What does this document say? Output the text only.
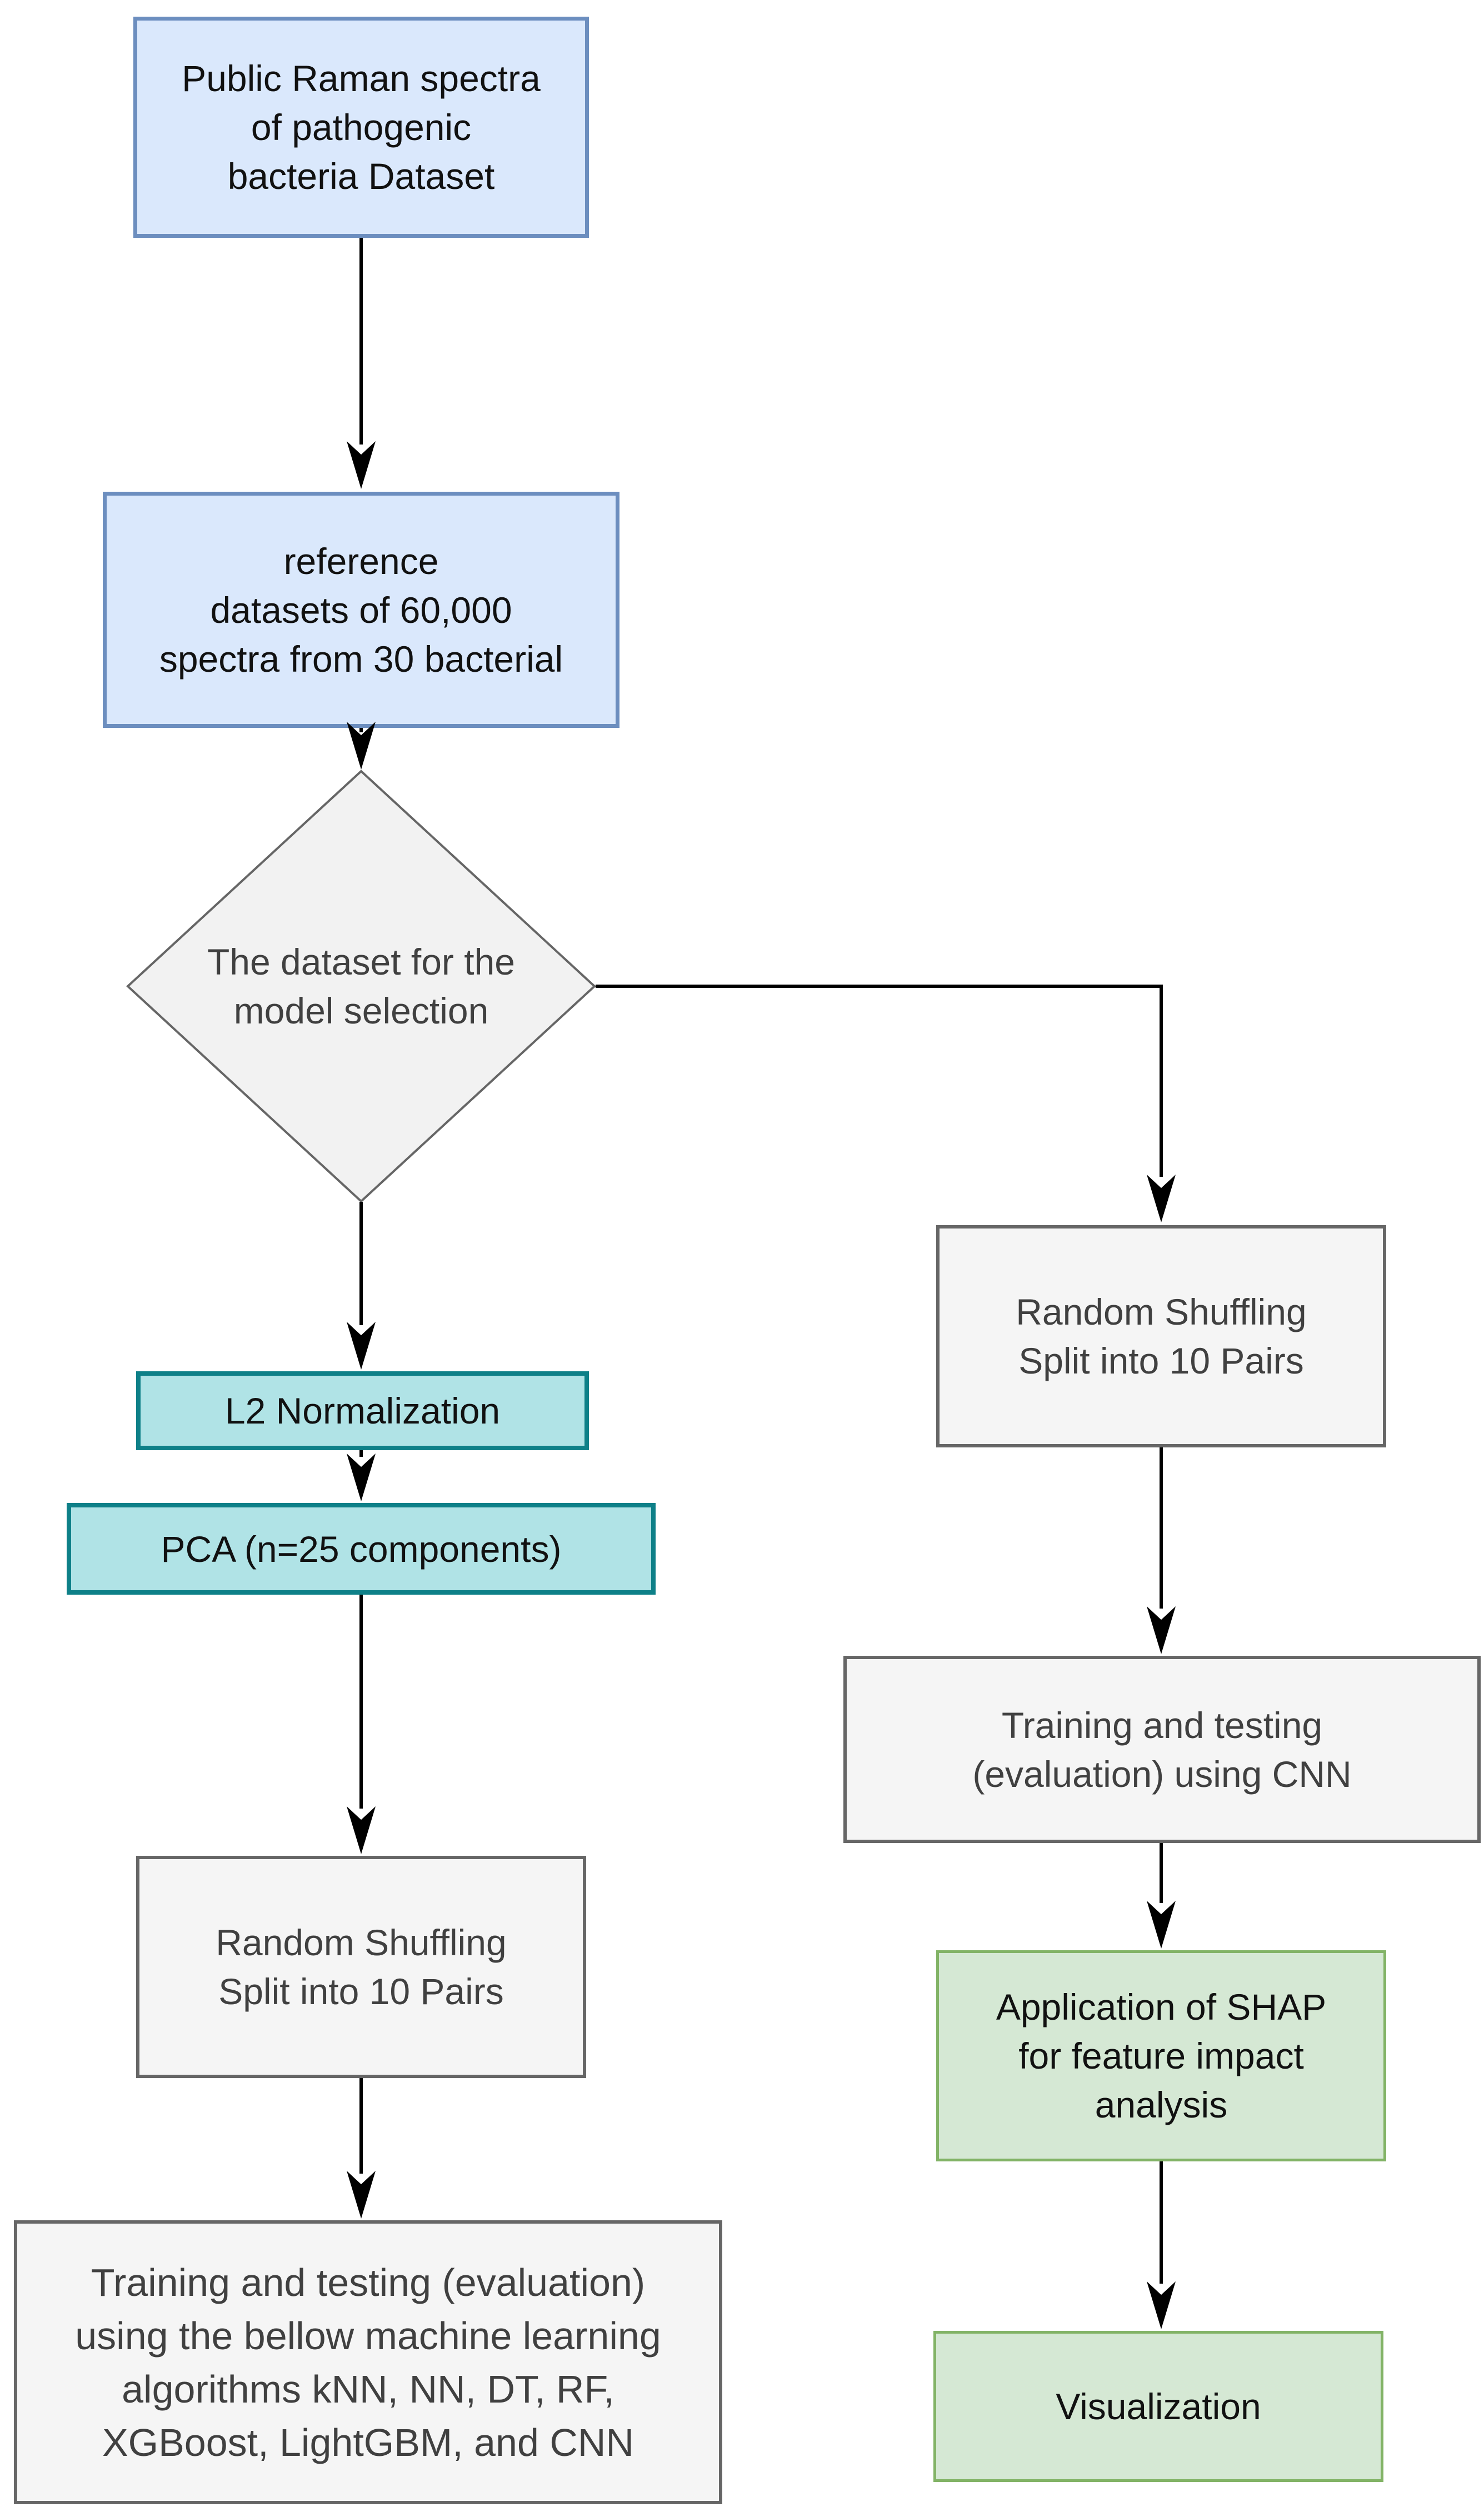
Public Raman spectra
of pathogenic
bacteria Dataset
reference
datasets of 60,000
spectra from 30 bacterial
The dataset for the
model selection
L2 Normalization
PCA (n=25 components)
Random Shuffling
Split into 10 Pairs
Training and testing (evaluation)
using the bellow machine learning
algorithms kNN, NN, DT, RF,
XGBoost, LightGBM, and CNN
Random Shuffling
Split into 10 Pairs
Training and testing
(evaluation) using CNN
Application of SHAP
for feature impact
analysis
Visualization
